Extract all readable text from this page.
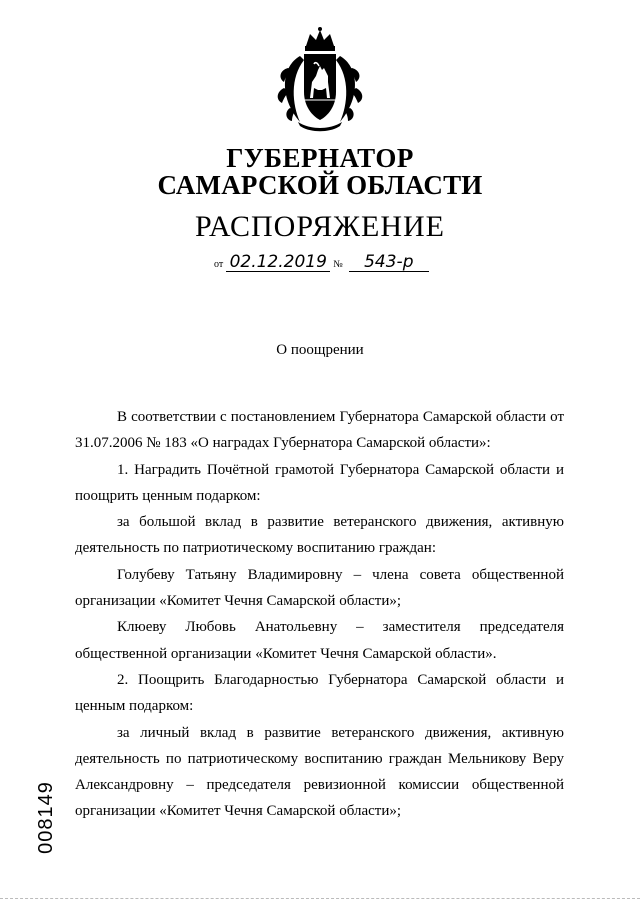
ГУБЕРНАТОР
САМАРСКОЙ ОБЛАСТИ
РАСПОРЯЖЕНИЕ
от 02.12.2019 № 543-р
О поощрении

В соответствии с постановлением Губернатора Самарской области от 31.07.2006 № 183 «О наградах Губернатора Самарской области»:

1. Наградить Почётной грамотой Губернатора Самарской области и поощрить ценным подарком:

за большой вклад в развитие ветеранского движения, активную деятельность по патриотическому воспитанию граждан:

Голубеву Татьяну Владимировну – члена совета общественной организации «Комитет Чечня Самарской области»;

Клюеву Любовь Анатольевну – заместителя председателя общественной организации «Комитет Чечня Самарской области».

2. Поощрить Благодарностью Губернатора Самарской области и ценным подарком:

за личный вклад в развитие ветеранского движения, активную деятельность по патриотическому воспитанию граждан Мельникову Веру Александровну – председателя ревизионной комиссии общественной организации «Комитет Чечня Самарской области»;

008149
